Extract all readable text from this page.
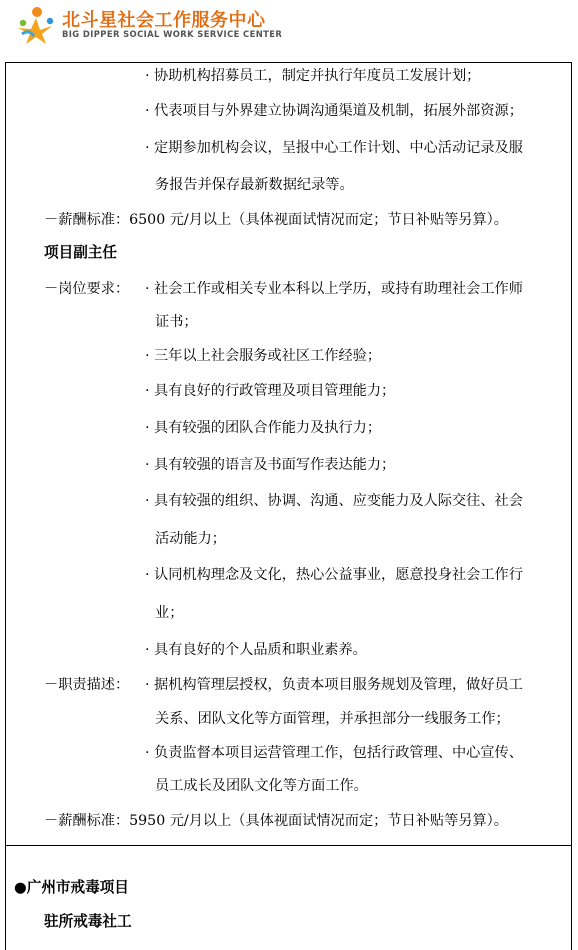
北斗星社会工作服务中心
BIG DIPPER SOCIAL WORK SERVICE CENTER
· 协助机构招募员工，制定并执行年度员工发展计划；
· 代表项目与外界建立协调沟通渠道及机制，拓展外部资源；
· 定期参加机构会议，呈报中心工作计划、中心活动记录及服
务报告并保存最新数据纪录等。
－薪酬标准：6500 元/月以上（具体视面试情况而定；节日补贴等另算）。
项目副主任
－岗位要求： · 社会工作或相关专业本科以上学历，或持有助理社会工作师
证书；
· 三年以上社会服务或社区工作经验；
· 具有良好的行政管理及项目管理能力；
· 具有较强的团队合作能力及执行力；
· 具有较强的语言及书面写作表达能力；
· 具有较强的组织、协调、沟通、应变能力及人际交往、社会
活动能力；
· 认同机构理念及文化，热心公益事业，愿意投身社会工作行
业；
· 具有良好的个人品质和职业素养。
－职责描述： · 据机构管理层授权，负责本项目服务规划及管理，做好员工
关系、团队文化等方面管理，并承担部分一线服务工作；
· 负责监督本项目运营管理工作，包括行政管理、中心宣传、
员工成长及团队文化等方面工作。
－薪酬标准：5950 元/月以上（具体视面试情况而定；节日补贴等另算）。
●广州市戒毒项目
驻所戒毒社工
